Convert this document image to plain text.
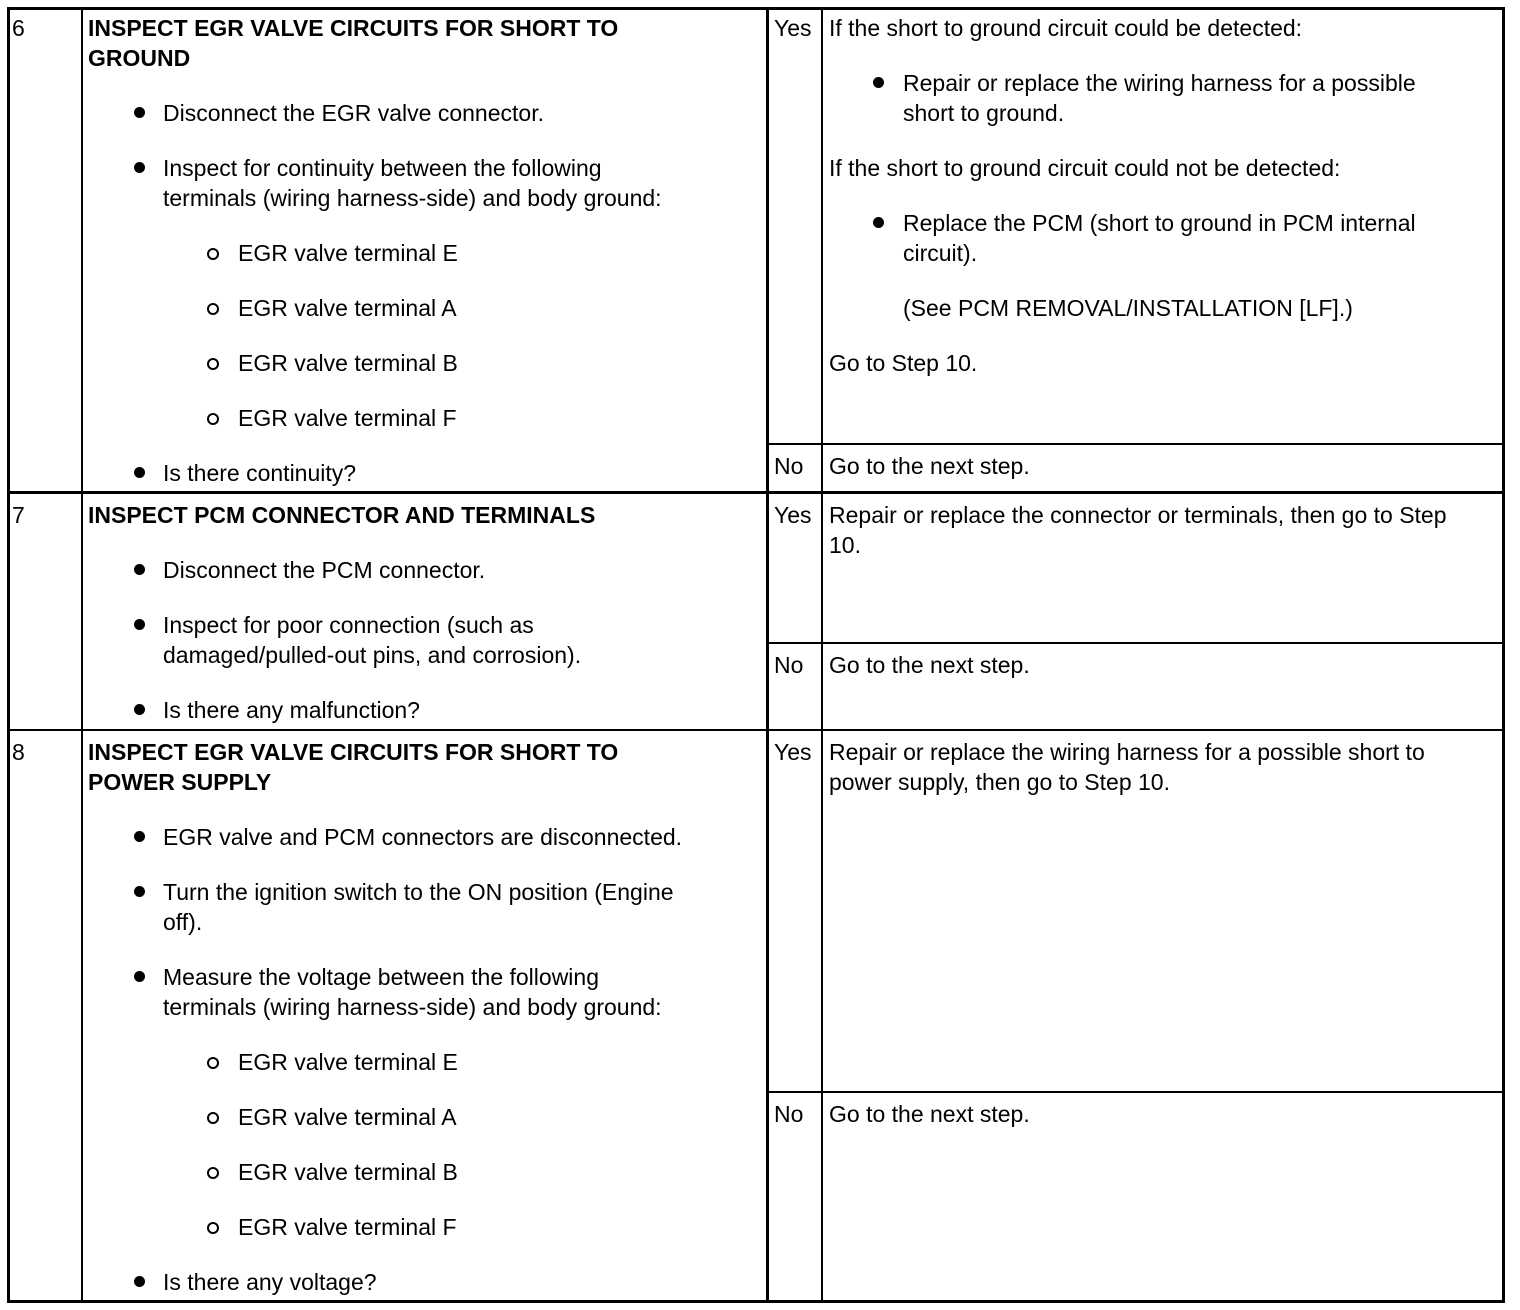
6	INSPECT EGR VALVE CIRCUITS FOR SHORT TO
GROUND
Disconnect the EGR valve connector.
Inspect for continuity between the following
terminals (wiring harness-side) and body ground:
EGR valve terminal E
EGR valve terminal A
EGR valve terminal B
EGR valve terminal F
Is there continuity?
Yes If the short to ground circuit could be detected:
Repair or replace the wiring harness for a possible
short to ground.
If the short to ground circuit could not be detected:
Replace the PCM (short to ground in PCM internal
circuit).
(See PCM REMOVAL/INSTALLATION [LF].)
Go to Step 10.
No Go to the next step.
7	INSPECT PCM CONNECTOR AND TERMINALS
Disconnect the PCM connector.
Inspect for poor connection (such as
damaged/pulled-out pins, and corrosion).
Is there any malfunction?
Yes Repair or replace the connector or terminals, then go to Step
10.
No Go to the next step.
8	INSPECT EGR VALVE CIRCUITS FOR SHORT TO
POWER SUPPLY
EGR valve and PCM connectors are disconnected.
Turn the ignition switch to the ON position (Engine
off).
Measure the voltage between the following
terminals (wiring harness-side) and body ground:
EGR valve terminal E
EGR valve terminal A
EGR valve terminal B
EGR valve terminal F
Is there any voltage?
Yes Repair or replace the wiring harness for a possible short to
power supply, then go to Step 10.
No Go to the next step.
